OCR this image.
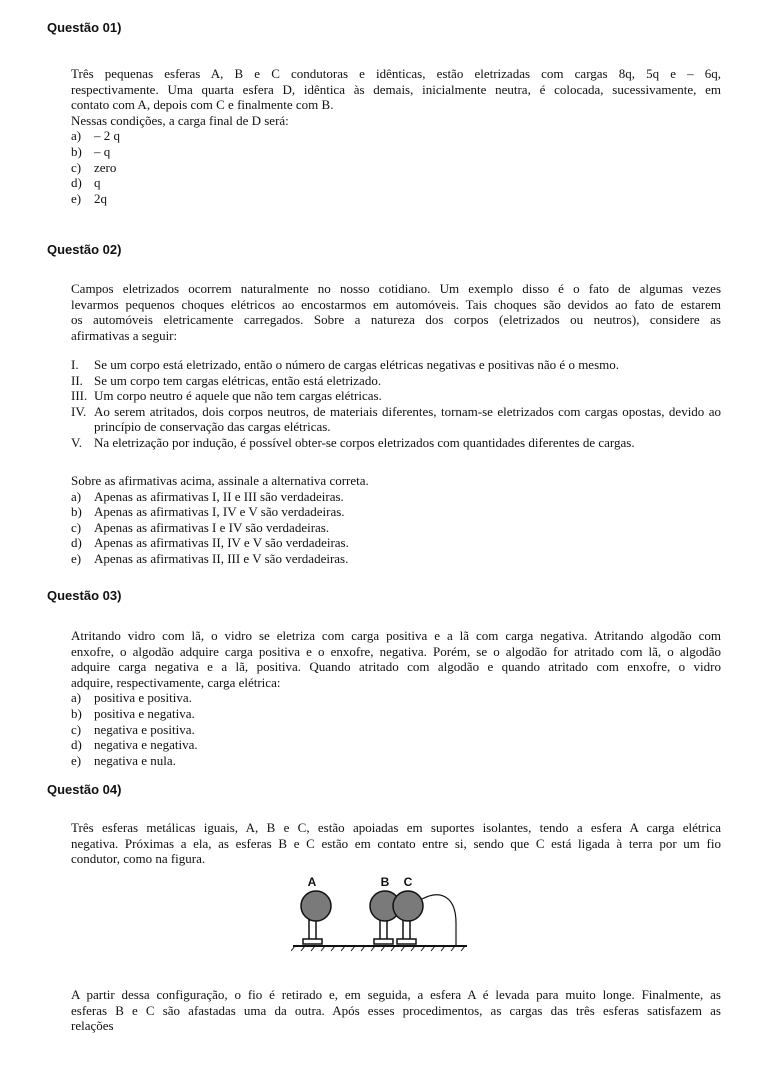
Questão 01)
Três pequenas esferas A, B e C condutoras e idênticas, estão eletrizadas com cargas 8q, 5q e – 6q,
respectivamente. Uma quarta esfera D, idêntica às demais, inicialmente neutra, é colocada, sucessivamente, em
contato com A, depois com C e finalmente com B.
Nessas condições, a carga final de D será:
a) – 2 q
b) – q
c) zero
d) q
e) 2q
Questão 02)
Campos eletrizados ocorrem naturalmente no nosso cotidiano. Um exemplo disso é o fato de algumas vezes
levarmos pequenos choques elétricos ao encostarmos em automóveis. Tais choques são devidos ao fato de estarem
os automóveis eletricamente carregados. Sobre a natureza dos corpos (eletrizados ou neutros), considere as
afirmativas a seguir:
I.	Se um corpo está eletrizado, então o número de cargas elétricas negativas e positivas não é o mesmo.
II. Se um corpo tem cargas elétricas, então está eletrizado.
III. Um corpo neutro é aquele que não tem cargas elétricas.
IV. Ao serem atritados, dois corpos neutros, de materiais diferentes, tornam-se eletrizados com cargas opostas, devido ao princípio de conservação das cargas elétricas.
V. Na eletrização por indução, é possível obter-se corpos eletrizados com quantidades diferentes de cargas.
Sobre as afirmativas acima, assinale a alternativa correta.
a) Apenas as afirmativas I, II e III são verdadeiras.
b) Apenas as afirmativas I, IV e V são verdadeiras.
c) Apenas as afirmativas I e IV são verdadeiras.
d) Apenas as afirmativas II, IV e V são verdadeiras.
e) Apenas as afirmativas II, III e V são verdadeiras.
Questão 03)
Atritando vidro com lã, o vidro se eletriza com carga positiva e a lã com carga negativa. Atritando algodão com
enxofre, o algodão adquire carga positiva e o enxofre, negativa. Porém, se o algodão for atritado com lã, o algodão
adquire carga negativa e a lã, positiva. Quando atritado com algodão e quando atritado com enxofre, o vidro
adquire, respectivamente, carga elétrica:
a) positiva e positiva.
b) positiva e negativa.
c) negativa e positiva.
d) negativa e negativa.
e) negativa e nula.
Questão 04)
Três esferas metálicas iguais, A, B e C, estão apoiadas em suportes isolantes, tendo a esfera A carga elétrica
negativa. Próximas a ela, as esferas B e C estão em contato entre si, sendo que C está ligada à terra por um fio
condutor, como na figura.
A	B C
A partir dessa configuração, o fio é retirado e, em seguida, a esfera A é levada para muito longe. Finalmente, as
esferas B e C são afastadas uma da outra. Após esses procedimentos, as cargas das três esferas satisfazem as
relações
